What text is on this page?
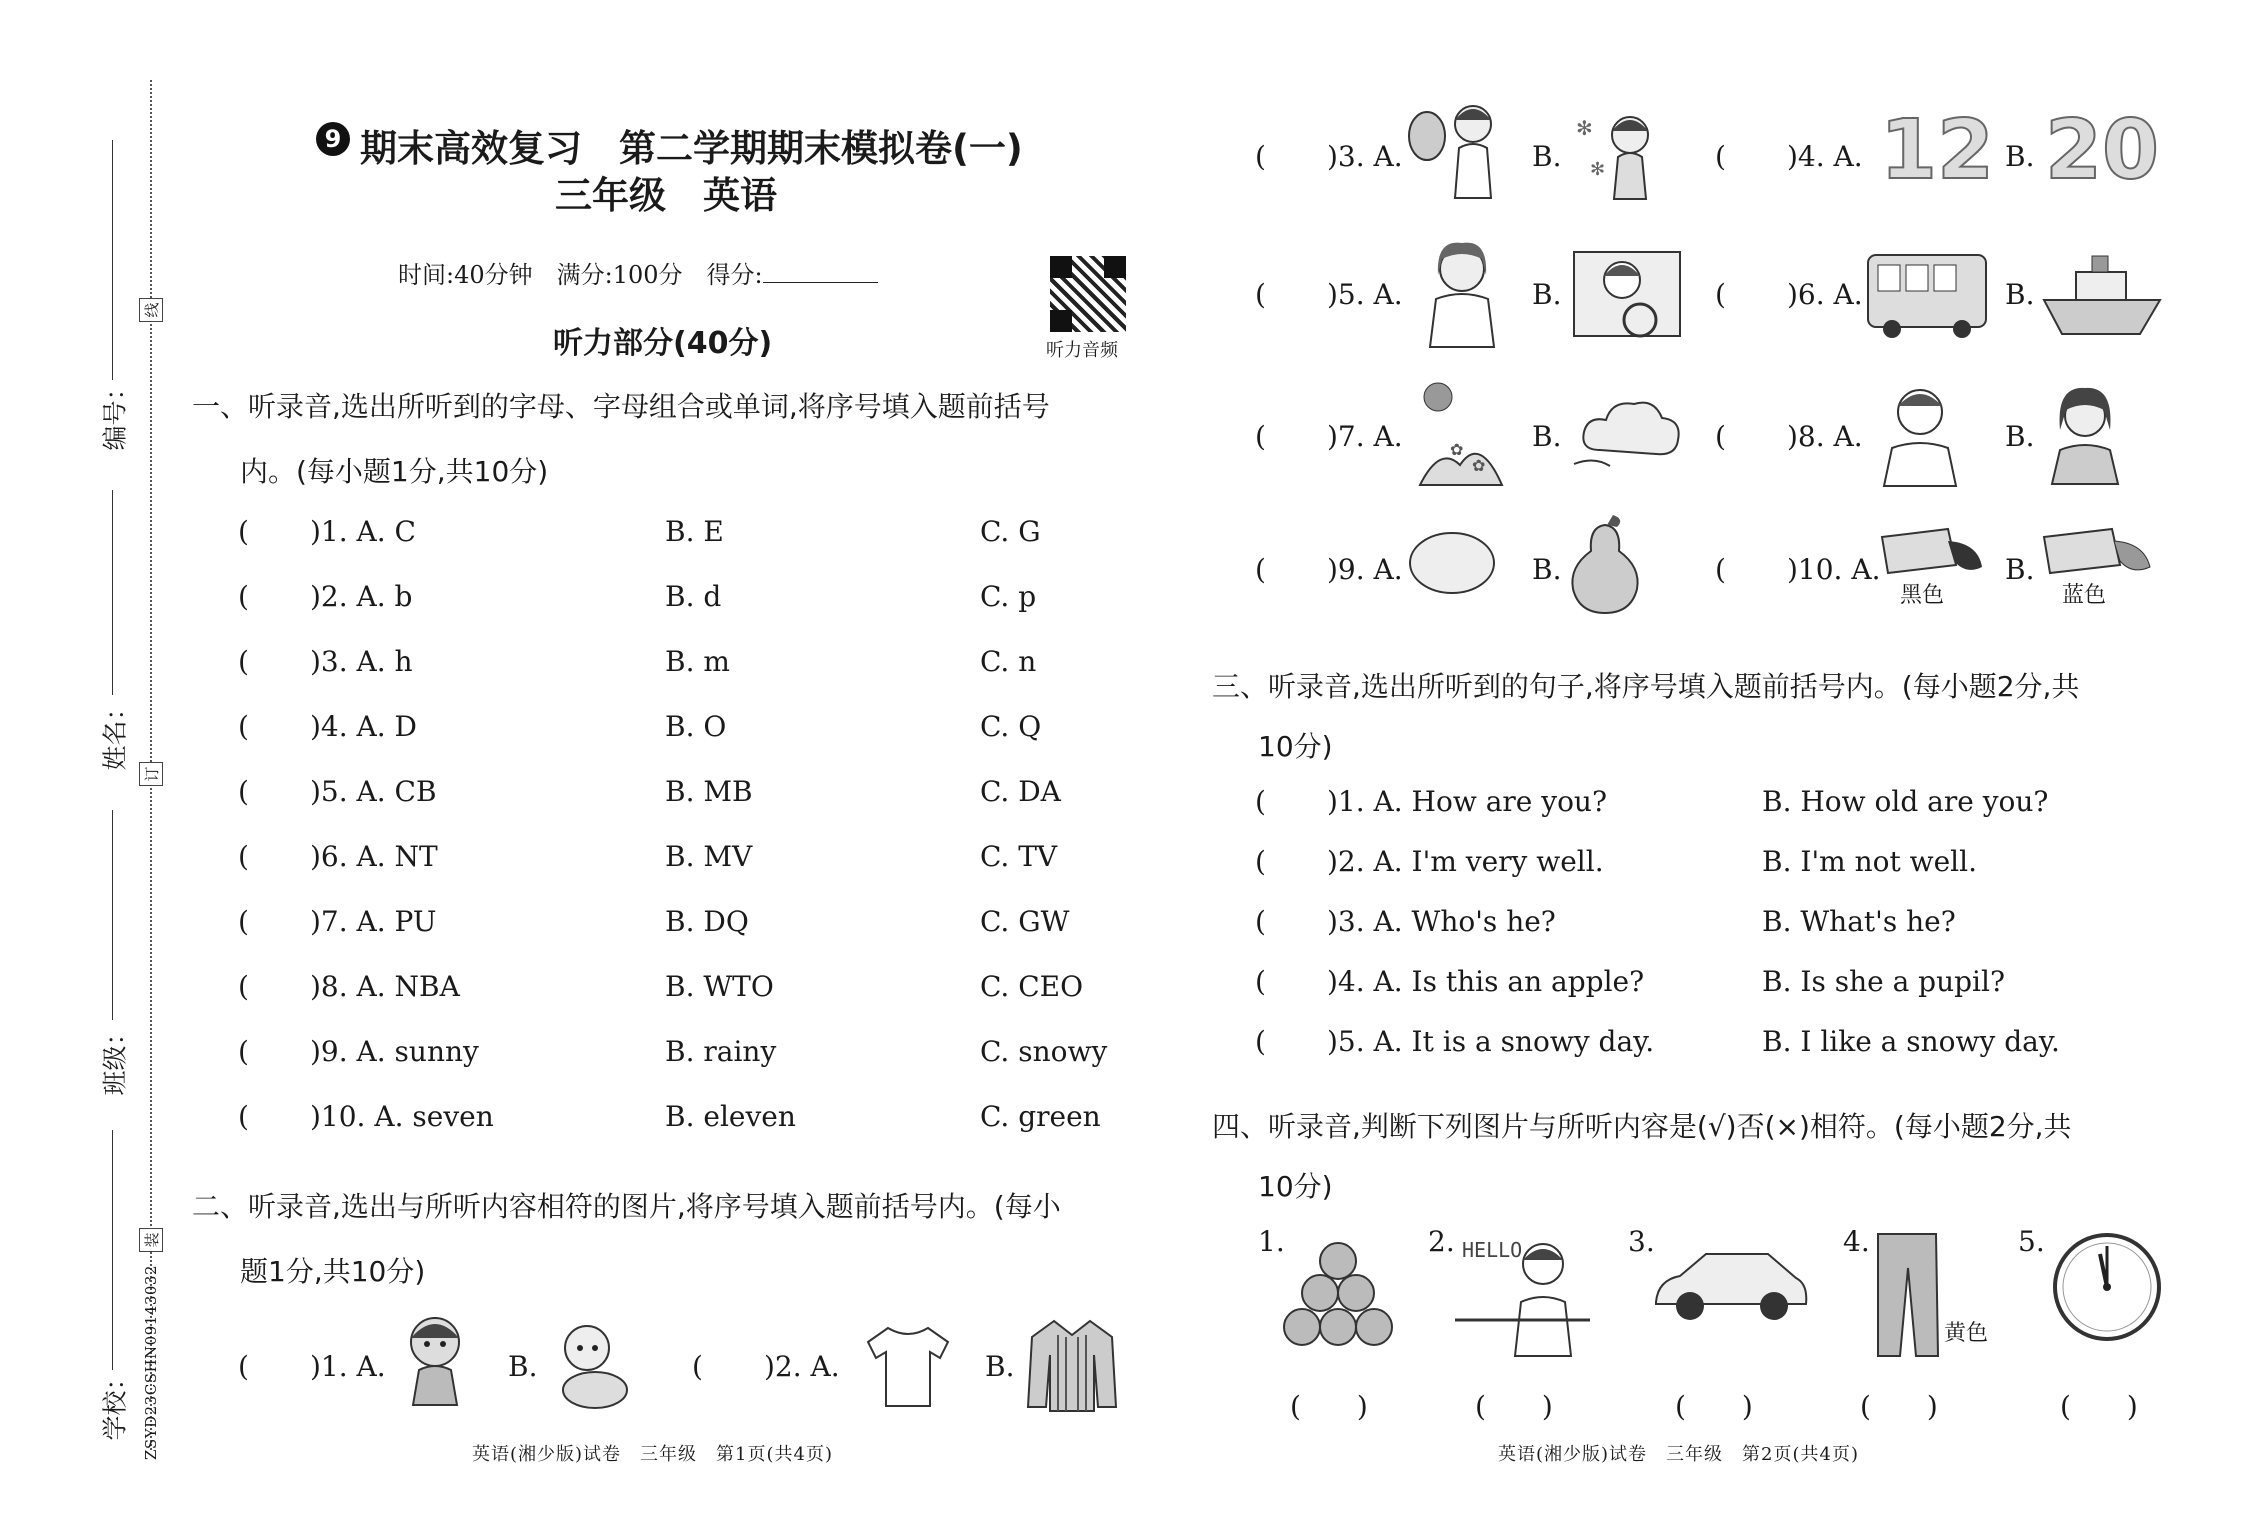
编号：
姓名：
班级：
学校：
线
订
装
ZSYD23CSHN09143032
9 期末高效复习　第二学期期末模拟卷(一)
三年级　英语
时间:40分钟　满分:100分　得分:
听力音频
听力部分(40分)
一、听录音,选出所听到的字母、字母组合或单词,将序号填入题前括号
内。(每小题1分,共10分)
( )1. A. C	B. E	C. G
( )2. A. b	B. d	C. p
( )3. A. h	B. m	C. n
( )4. A. D	B. O	C. Q
( )5. A. CB	B. MB	C. DA
( )6. A. NT	B. MV	C. TV
( )7. A. PU	B. DQ	C. GW
( )8. A. NBA	B. WTO	C. CEO
( )9. A. sunny	B. rainy	C. snowy
( )10. A. seven	B. eleven	C. green
二、听录音,选出与所听内容相符的图片,将序号填入题前括号内。(每小
题1分,共10分)
( )1. A.	B.	( )2. A.	B.
英语(湘少版)试卷　三年级　第1页(共4页)
( )3. A.	B.
✻
✻	( )4. A. 12 B. 20
( )5. A.	B.	( )6. A.	B.
( )7. A.	✿
✿
B.	( )8. A.	B.
( )9. A.	B.	( )10. A.
黑色
B.
蓝色
三、听录音,选出所听到的句子,将序号填入题前括号内。(每小题2分,共
10分)
( )1. A. How are you?	B. How old are you?
( )2. A. I'm very well.	B. I'm not well.
( )3. A. Who's he?	B. What's he?
( )4. A. Is this an apple?	B. Is she a pupil?
( )5. A. It is a snowy day.	B. I like a snowy day.
四、听录音,判断下列图片与所听内容是(√)否(×)相符。(每小题2分,共
10分)
1.	2. HELLO	3.	4.
黄色
5.
(　　)	(　　)	(　　)	(　　)	(　　)
英语(湘少版)试卷　三年级　第2页(共4页)
